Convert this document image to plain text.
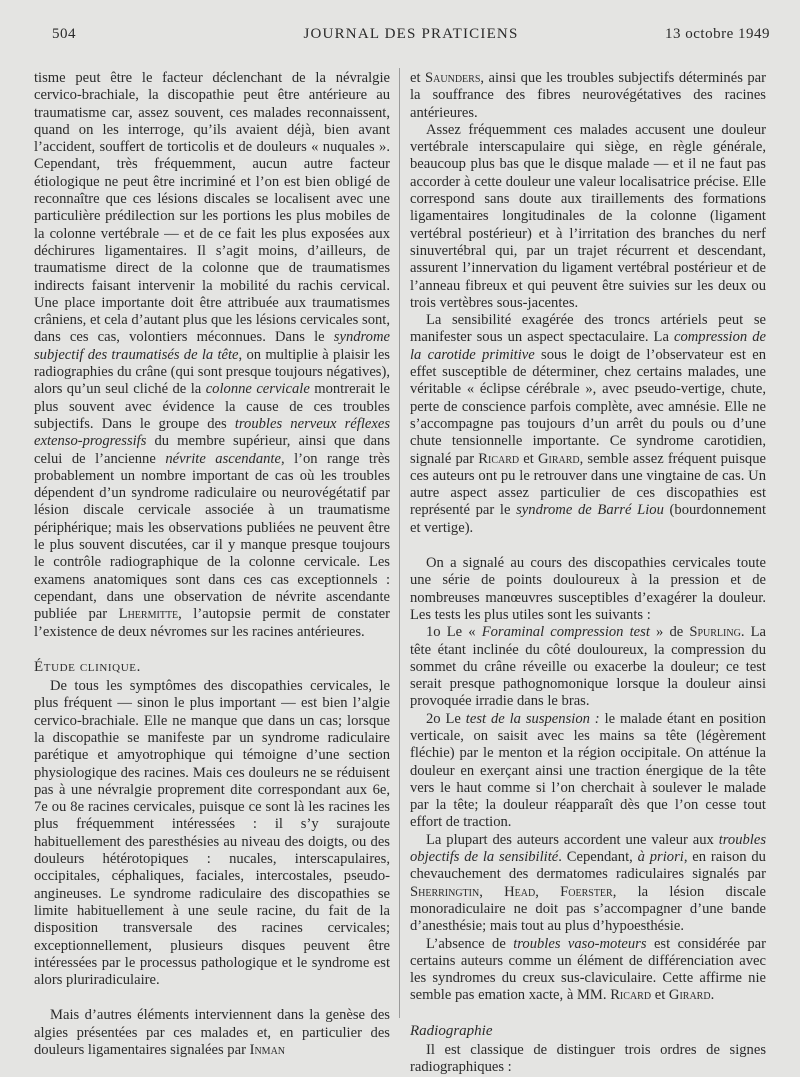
504	JOURNAL DES PRATICIENS	13 octobre 1949

tisme peut être le facteur déclenchant de la névralgie cervico-brachiale, la discopathie peut être antérieure au traumatisme car, assez souvent, ces malades reconnaissent, quand on les interroge, qu’ils avaient déjà, bien avant l’accident, souffert de torticolis et de douleurs « nuquales ». Cependant, très fréquemment, aucun autre facteur étiologique ne peut être incriminé et l’on est bien obligé de reconnaître que ces lésions discales se localisent avec une particulière prédilection sur les portions les plus mobiles de la colonne vertébrale — et de ce fait les plus exposées aux déchirures ligamentaires. Il s’agit moins, d’ailleurs, de traumatisme direct de la colonne que de traumatismes indirects faisant intervenir la mobilité du rachis cervical. Une place importante doit être attribuée aux traumatismes crâniens, et cela d’autant plus que les lésions cervicales sont, dans ces cas, volontiers méconnues. Dans le syndrome subjectif des traumatisés de la tête, on multiplie à plaisir les radiographies du crâne (qui sont presque toujours négatives), alors qu’un seul cliché de la colonne cervicale montrerait le plus souvent avec évidence la cause de ces troubles subjectifs. Dans le groupe des troubles nerveux réflexes extenso-progressifs du membre supérieur, ainsi que dans celui de l’ancienne névrite ascendante, l’on range très probablement un nombre important de cas où les troubles dépendent d’un syndrome radiculaire ou neurovégétatif par lésion discale cervicale associée à un traumatisme périphérique; mais les observations publiées ne peuvent être le plus souvent discutées, car il y manque presque toujours le contrôle radiographique de la colonne cervicale. Les examens anatomiques sont dans ces cas exceptionnels : cependant, dans une observation de névrite ascendante publiée par Lhermitte, l’autopsie permit de constater l’existence de deux névromes sur les racines antérieures.

Étude clinique.

De tous les symptômes des discopathies cervicales, le plus fréquent — sinon le plus important — est bien l’algie cervico-brachiale. Elle ne manque que dans un cas; lorsque la discopathie se manifeste par un syndrome radiculaire parétique et amyotrophique qui témoigne d’une section physiologique des racines. Mais ces douleurs ne se réduisent pas à une névralgie proprement dite correspondant aux 6e, 7e ou 8e racines cervicales, puisque ce sont là les racines les plus fréquemment intéressées : il s’y surajoute habituellement des paresthésies au niveau des doigts, ou des douleurs hétérotopiques : nucales, interscapulaires, occipitales, céphaliques, faciales, intercostales, pseudo-angineuses. Le syndrome radiculaire des discopathies se limite habituellement à une seule racine, du fait de la disposition transversale des racines cervicales; exceptionnellement, plusieurs disques peuvent être intéressées par le processus pathologique et le syndrome est alors pluriradiculaire.

Mais d’autres éléments interviennent dans la genèse des algies présentées par ces malades et, en particulier des douleurs ligamentaires signalées par Inman

et Saunders, ainsi que les troubles subjectifs déterminés par la souffrance des fibres neurovégétatives des racines antérieures.

Assez fréquemment ces malades accusent une douleur vertébrale interscapulaire qui siège, en règle générale, beaucoup plus bas que le disque malade — et il ne faut pas accorder à cette douleur une valeur localisatrice précise. Elle correspond sans doute aux tiraillements des formations ligamentaires longitudinales de la colonne (ligament vertébral postérieur) et à l’irritation des branches du nerf sinuvertébral qui, par un trajet récurrent et descendant, assurent l’innervation du ligament vertébral postérieur et de l’anneau fibreux et qui peuvent être suivies sur les deux ou trois vertèbres sous-jacentes.

La sensibilité exagérée des troncs artériels peut se manifester sous un aspect spectaculaire. La compression de la carotide primitive sous le doigt de l’observateur est en effet susceptible de déterminer, chez certains malades, une véritable « éclipse cérébrale », avec pseudo-vertige, chute, perte de conscience parfois complète, avec amnésie. Elle ne s’accompagne pas toujours d’un arrêt du pouls ou d’une chute tensionnelle importante. Ce syndrome carotidien, signalé par Ricard et Girard, semble assez fréquent puisque ces auteurs ont pu le retrouver dans une vingtaine de cas. Un autre aspect assez particulier de ces discopathies est représenté par le syndrome de Barré Liou (bourdonnement et vertige).

On a signalé au cours des discopathies cervicales toute une série de points douloureux à la pression et de nombreuses manœuvres susceptibles d’exagérer la douleur. Les tests les plus utiles sont les suivants :

1o Le « Foraminal compression test » de Spurling. La tête étant inclinée du côté douloureux, la compression du sommet du crâne réveille ou exacerbe la douleur; ce test serait presque pathognomonique lorsque la douleur ainsi provoquée irradie dans le bras.

2o Le test de la suspension : le malade étant en position verticale, on saisit avec les mains sa tête (légèrement fléchie) par le menton et la région occipitale. On atténue la douleur en exerçant ainsi une traction énergique de la tête vers le haut comme si l’on cherchait à soulever le malade par la tête; la douleur réapparaît dès que l’on cesse tout effort de traction.

La plupart des auteurs accordent une valeur aux troubles objectifs de la sensibilité. Cependant, à priori, en raison du chevauchement des dermatomes radiculaires signalés par Sherringtin, Head, Foerster, la lésion discale monoradiculaire ne doit pas s’accompagner d’une bande d’anesthésie; mais tout au plus d’hypoesthésie.

L’absence de troubles vaso-moteurs est considérée par certains auteurs comme un élément de différenciation avec les syndromes du creux sus-claviculaire. Cette affirme nie semble pas emation xacte, à MM. Ricard et Girard.

Radiographie

Il est classique de distinguer trois ordres de signes radiographiques :
